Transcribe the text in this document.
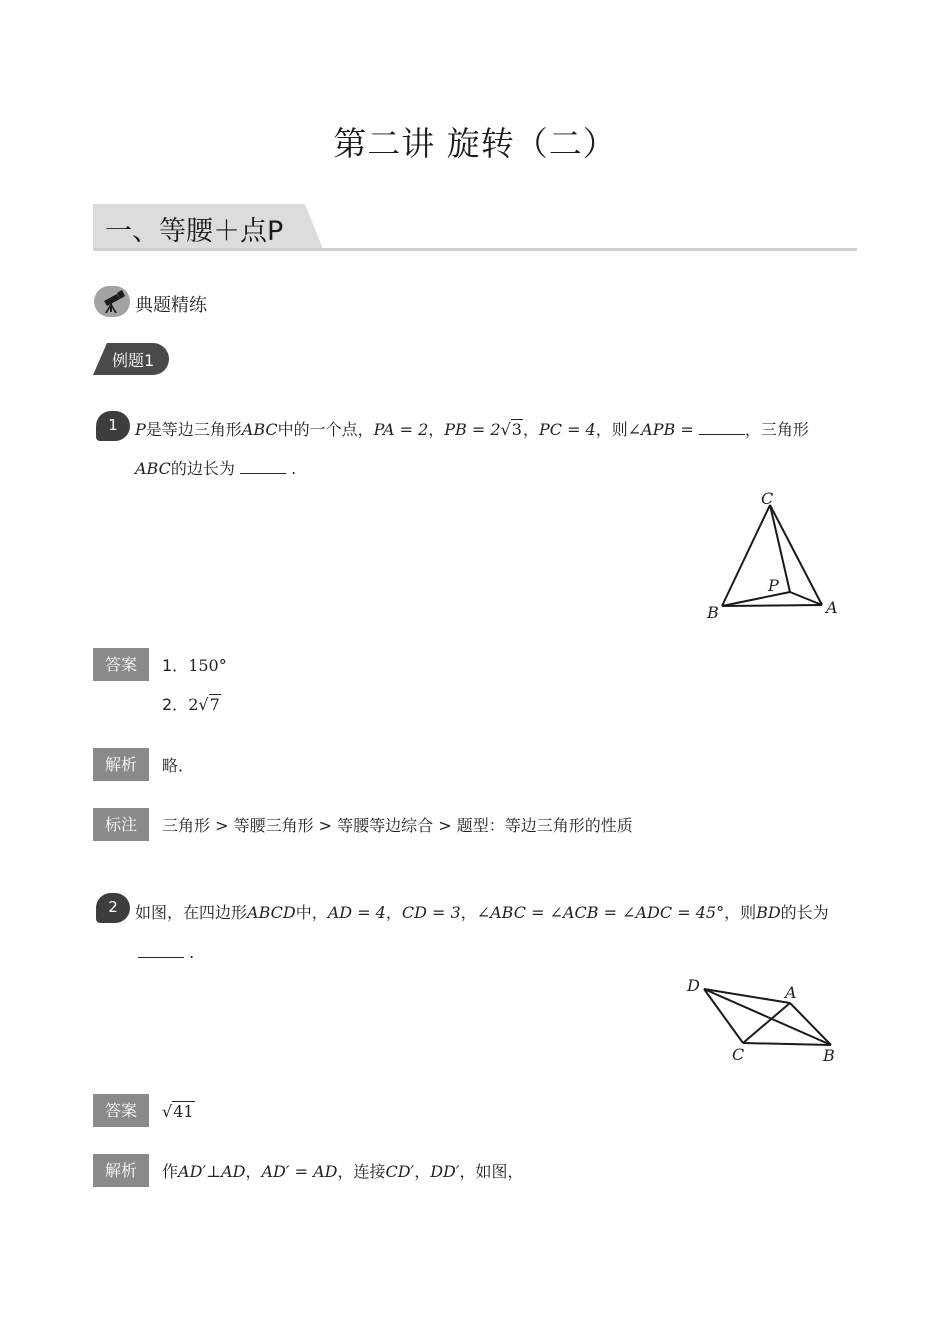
第二讲 旋转（二）
一、等腰＋点P
典题精练
例题1
1	P是等边三角形ABC中的一个点，PA = 2，PB = 2√3，PC = 4，则∠APB =	，三角形
ABC的边长为	.
C
P
A
B
答案	1．150°
2．2√7
解析	略．
标注	三角形 > 等腰三角形 > 等腰等边综合 > 题型：等边三角形的性质
2	如图，在四边形ABCD中，AD = 4，CD = 3，∠ABC = ∠ACB = ∠ADC = 45°，则BD的长为
.
D	A
C	B
答案	√41
解析	作AD′⊥AD，AD′ = AD，连接CD′，DD′，如图，
